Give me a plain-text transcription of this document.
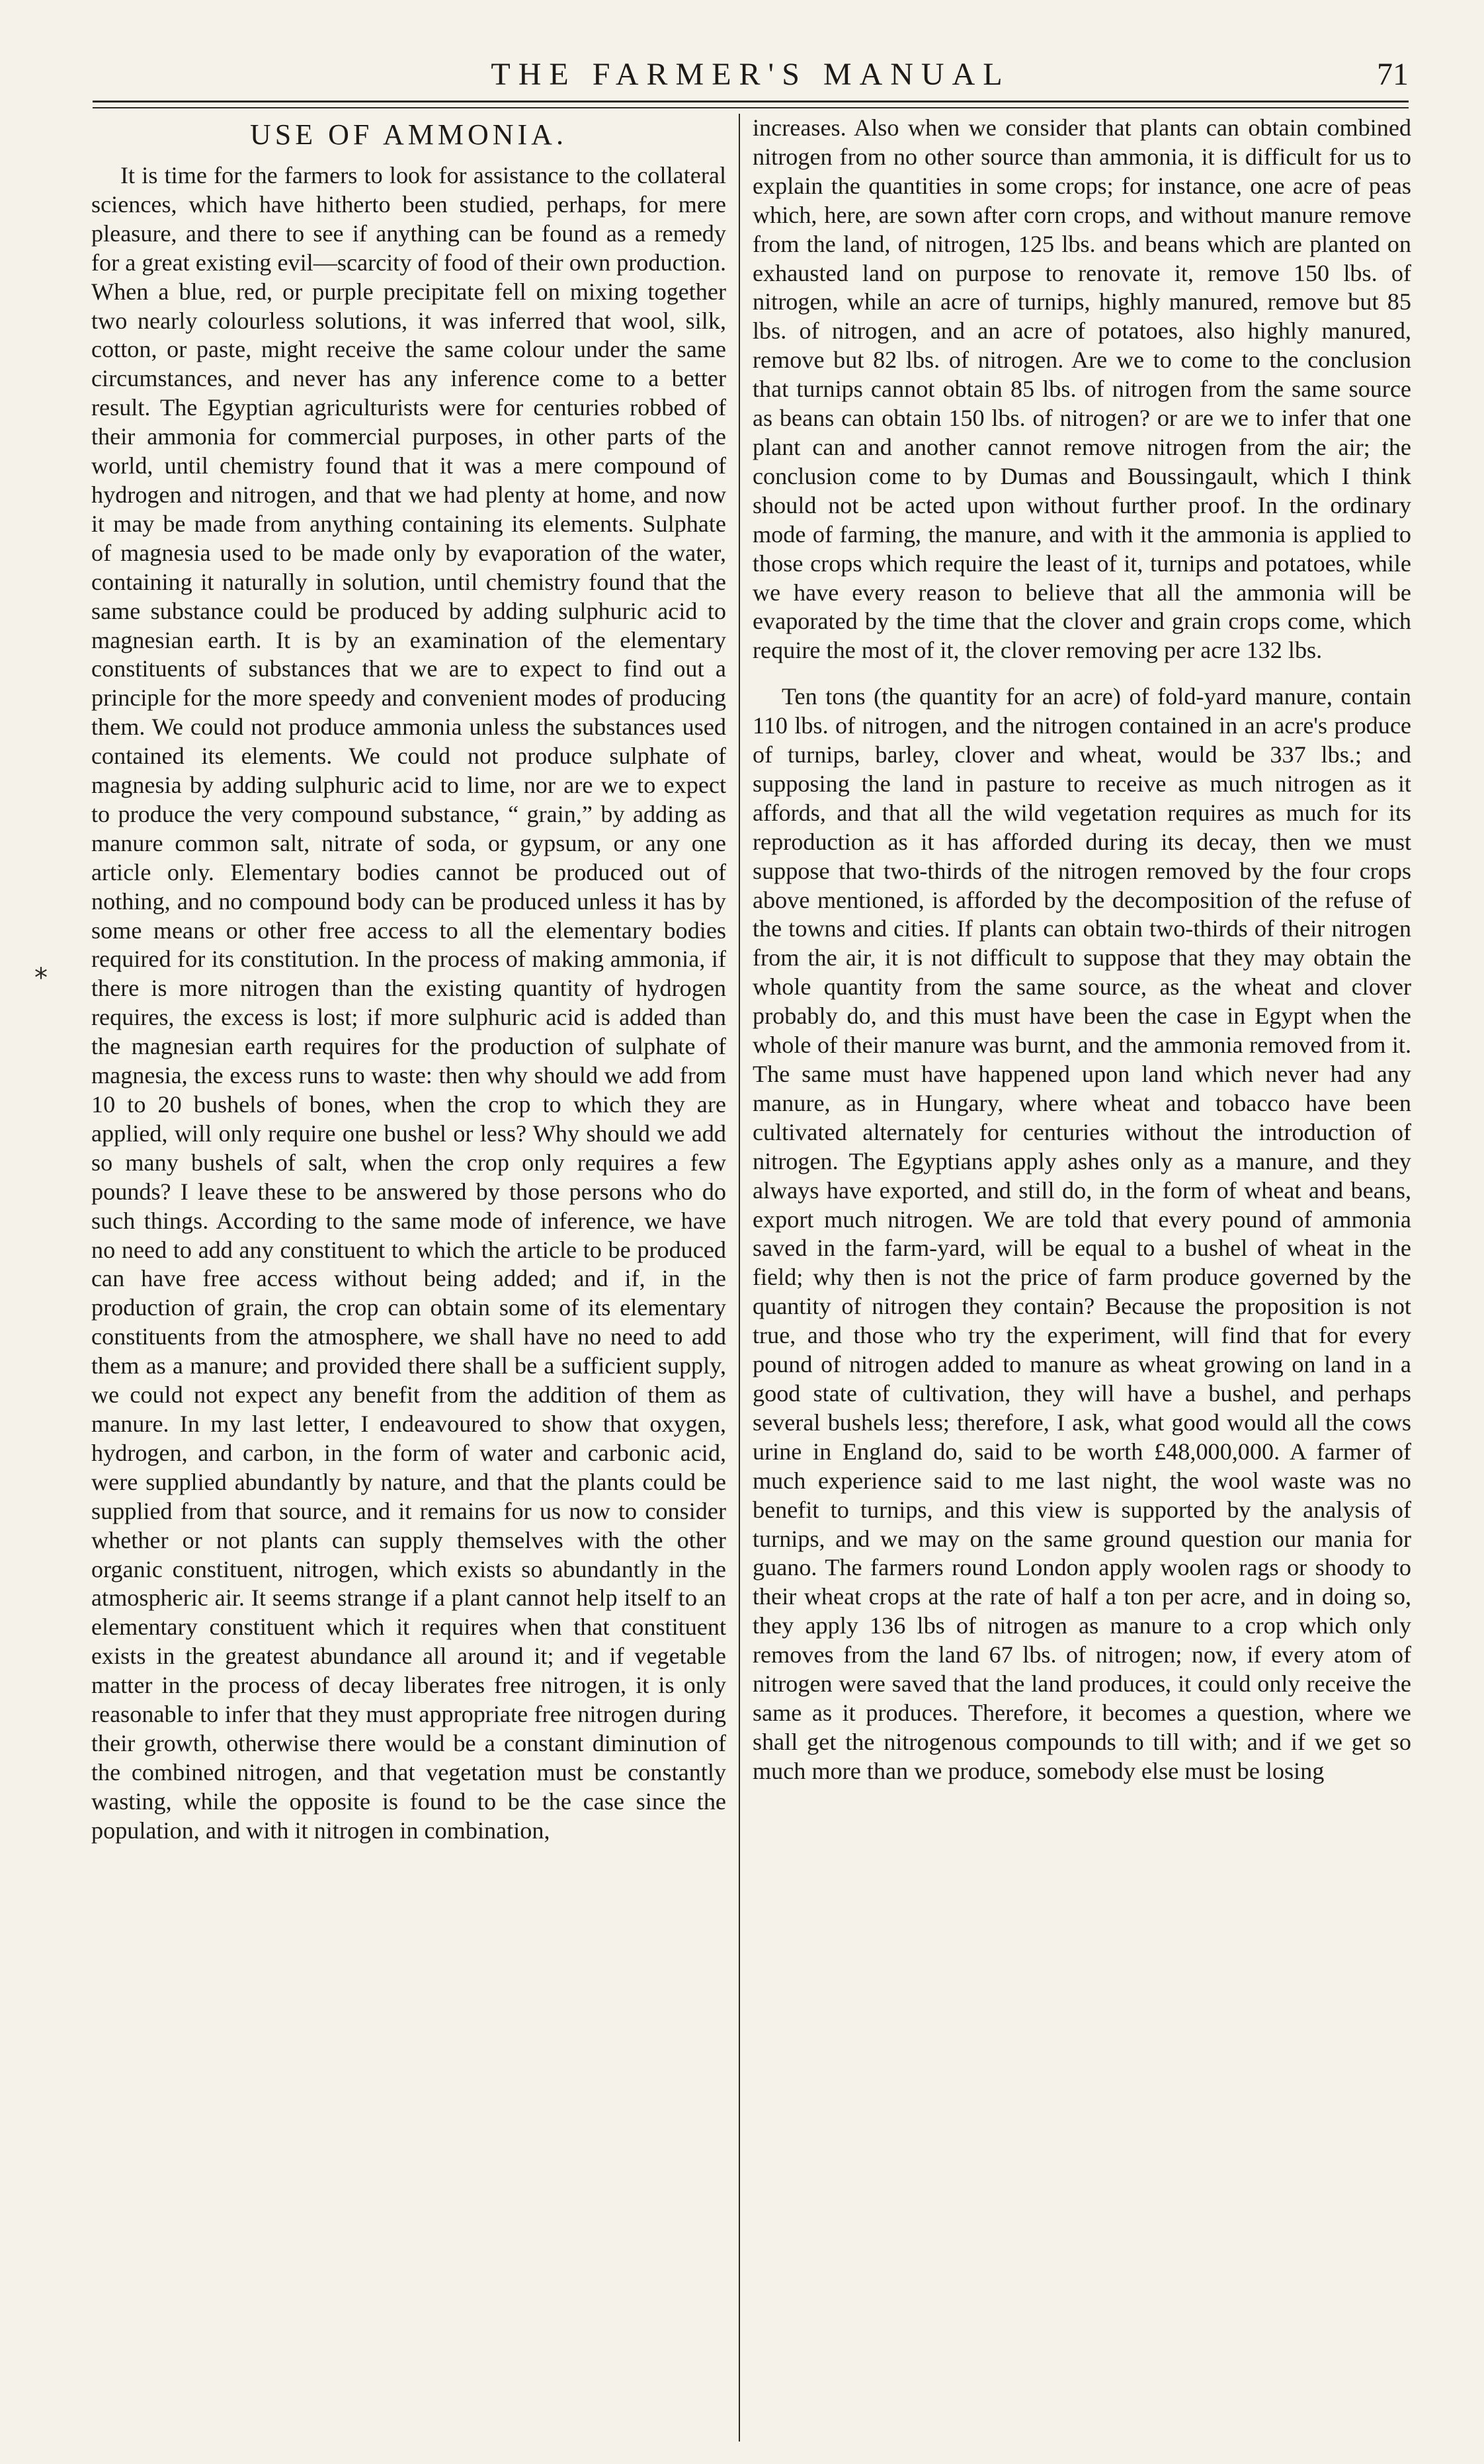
THE FARMER'S MANUAL	71
*
USE OF AMMONIA.

It is time for the farmers to look for assistance to the collateral sciences, which have hitherto been studied, perhaps, for mere pleasure, and there to see if anything can be found as a remedy for a great existing evil—scarcity of food of their own production. When a blue, red, or purple precipitate fell on mixing together two nearly colourless solutions, it was inferred that wool, silk, cotton, or paste, might receive the same colour under the same circumstances, and never has any inference come to a better result. The Egyptian agriculturists were for centuries robbed of their ammonia for commercial purposes, in other parts of the world, until chemistry found that it was a mere compound of hydrogen and nitrogen, and that we had plenty at home, and now it may be made from anything containing its elements. Sulphate of magnesia used to be made only by evaporation of the water, containing it naturally in solution, until chemistry found that the same substance could be produced by adding sulphuric acid to magnesian earth. It is by an examination of the elementary constituents of substances that we are to expect to find out a principle for the more speedy and convenient modes of producing them. We could not produce ammonia unless the substances used contained its elements. We could not produce sulphate of magnesia by adding sulphuric acid to lime, nor are we to expect to produce the very compound substance, “ grain,” by adding as manure common salt, nitrate of soda, or gypsum, or any one article only. Elementary bodies cannot be produced out of nothing, and no compound body can be produced unless it has by some means or other free access to all the elementary bodies required for its constitution. In the process of making ammonia, if there is more nitrogen than the existing quantity of hydrogen requires, the excess is lost; if more sulphuric acid is added than the magnesian earth requires for the production of sulphate of magnesia, the excess runs to waste: then why should we add from 10 to 20 bushels of bones, when the crop to which they are applied, will only require one bushel or less? Why should we add so many bushels of salt, when the crop only requires a few pounds? I leave these to be answered by those persons who do such things. According to the same mode of inference, we have no need to add any constituent to which the article to be produced can have free access without being added; and if, in the production of grain, the crop can obtain some of its elementary constituents from the atmosphere, we shall have no need to add them as a manure; and provided there shall be a sufficient supply, we could not expect any benefit from the addition of them as manure. In my last letter, I endeavoured to show that oxygen, hydrogen, and carbon, in the form of water and carbonic acid, were supplied abundantly by nature, and that the plants could be supplied from that source, and it remains for us now to consider whether or not plants can supply themselves with the other organic constituent, nitrogen, which exists so abundantly in the atmospheric air. It seems strange if a plant cannot help itself to an elementary constituent which it requires when that constituent exists in the greatest abundance all around it; and if vegetable matter in the process of decay liberates free nitrogen, it is only reasonable to infer that they must appropriate free nitrogen during their growth, otherwise there would be a constant diminution of the combined nitrogen, and that vegetation must be constantly wasting, while the opposite is found to be the case since the population, and with it nitrogen in combination,

increases. Also when we consider that plants can obtain combined nitrogen from no other source than ammonia, it is difficult for us to explain the quantities in some crops; for instance, one acre of peas which, here, are sown after corn crops, and without manure remove from the land, of nitrogen, 125 lbs. and beans which are planted on exhausted land on purpose to renovate it, remove 150 lbs. of nitrogen, while an acre of turnips, highly manured, remove but 85 lbs. of nitrogen, and an acre of potatoes, also highly manured, remove but 82 lbs. of nitrogen. Are we to come to the conclusion that turnips cannot obtain 85 lbs. of nitrogen from the same source as beans can obtain 150 lbs. of nitrogen? or are we to infer that one plant can and another cannot remove nitrogen from the air; the conclusion come to by Dumas and Boussingault, which I think should not be acted upon without further proof. In the ordinary mode of farming, the manure, and with it the ammonia is applied to those crops which require the least of it, turnips and potatoes, while we have every reason to believe that all the ammonia will be evaporated by the time that the clover and grain crops come, which require the most of it, the clover removing per acre 132 lbs.

Ten tons (the quantity for an acre) of fold-yard manure, contain 110 lbs. of nitrogen, and the nitrogen contained in an acre's produce of turnips, barley, clover and wheat, would be 337 lbs.; and supposing the land in pasture to receive as much nitrogen as it affords, and that all the wild vegetation requires as much for its reproduction as it has afforded during its decay, then we must suppose that two-thirds of the nitrogen removed by the four crops above mentioned, is afforded by the decomposition of the refuse of the towns and cities. If plants can obtain two-thirds of their nitrogen from the air, it is not difficult to suppose that they may obtain the whole quantity from the same source, as the wheat and clover probably do, and this must have been the case in Egypt when the whole of their manure was burnt, and the ammonia removed from it. The same must have happened upon land which never had any manure, as in Hungary, where wheat and tobacco have been cultivated alternately for centuries without the introduction of nitrogen. The Egyptians apply ashes only as a manure, and they always have exported, and still do, in the form of wheat and beans, export much nitrogen. We are told that every pound of ammonia saved in the farm-yard, will be equal to a bushel of wheat in the field; why then is not the price of farm produce governed by the quantity of nitrogen they contain? Because the proposition is not true, and those who try the experiment, will find that for every pound of nitrogen added to manure as wheat growing on land in a good state of cultivation, they will have a bushel, and perhaps several bushels less; therefore, I ask, what good would all the cows urine in England do, said to be worth £48,000,000. A farmer of much experience said to me last night, the wool waste was no benefit to turnips, and this view is supported by the analysis of turnips, and we may on the same ground question our mania for guano. The farmers round London apply woolen rags or shoody to their wheat crops at the rate of half a ton per acre, and in doing so, they apply 136 lbs of nitrogen as manure to a crop which only removes from the land 67 lbs. of nitrogen; now, if every atom of nitrogen were saved that the land produces, it could only receive the same as it produces. Therefore, it becomes a question, where we shall get the nitrogenous compounds to till with; and if we get so much more than we produce, somebody else must be losing
